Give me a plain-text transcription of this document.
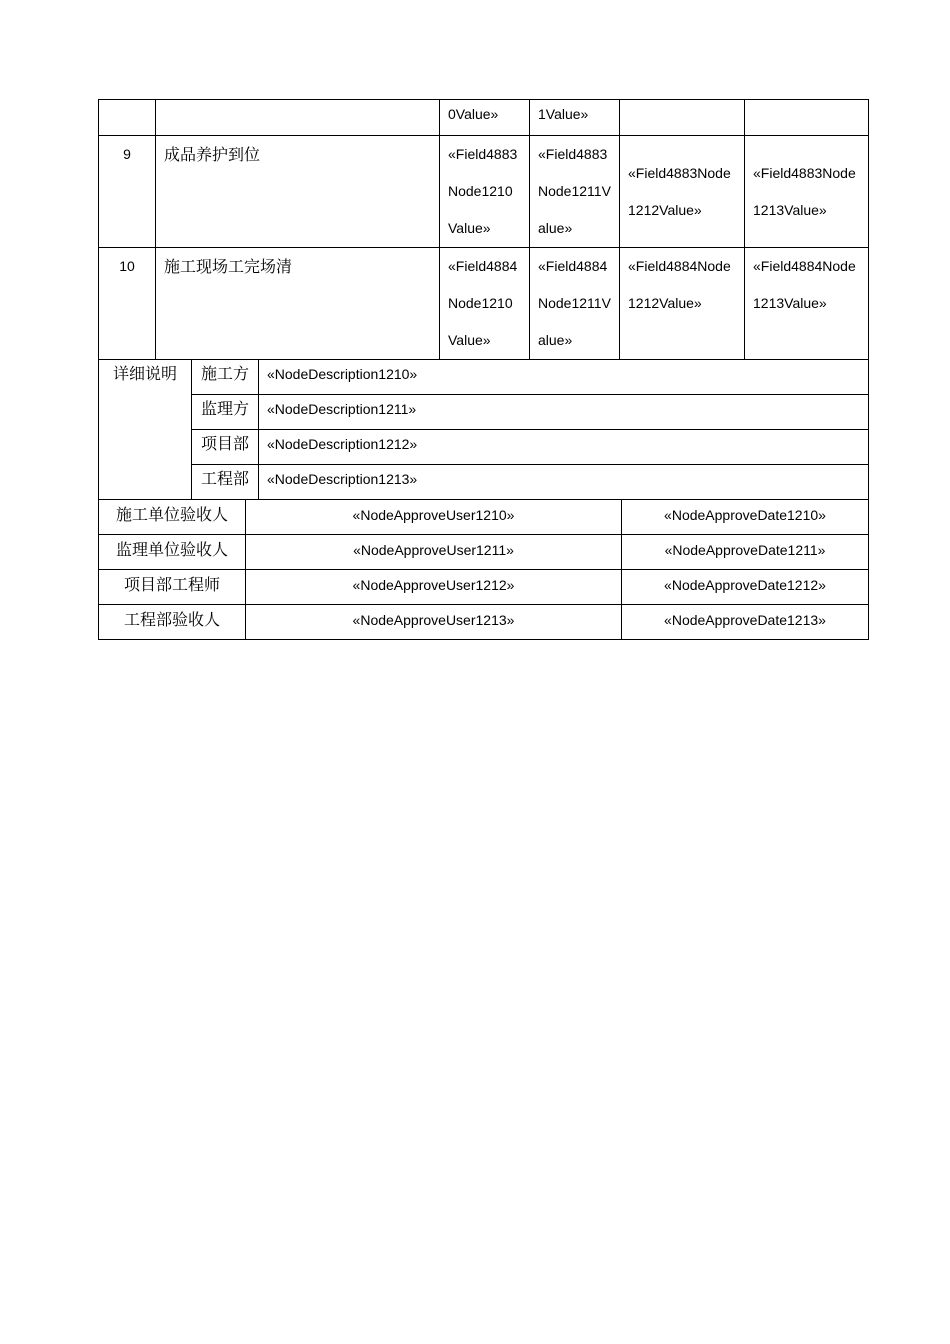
		0Value»	1Value»		
9	成品养护到位	«Field4883Node1210Value»	«Field4883Node1211Value»	«Field4883Node1212Value»	«Field4883Node1213Value»
10	施工现场工完场清	«Field4884Node1210Value»	«Field4884Node1211Value»	«Field4884Node1212Value»	«Field4884Node1213Value»
详细说明	施工方	«NodeDescription1210»
	监理方	«NodeDescription1211»
	项目部	«NodeDescription1212»
	工程部	«NodeDescription1213»
施工单位验收人	«NodeApproveUser1210»	«NodeApproveDate1210»
监理单位验收人	«NodeApproveUser1211»	«NodeApproveDate1211»
项目部工程师	«NodeApproveUser1212»	«NodeApproveDate1212»
工程部验收人	«NodeApproveUser1213»	«NodeApproveDate1213»
